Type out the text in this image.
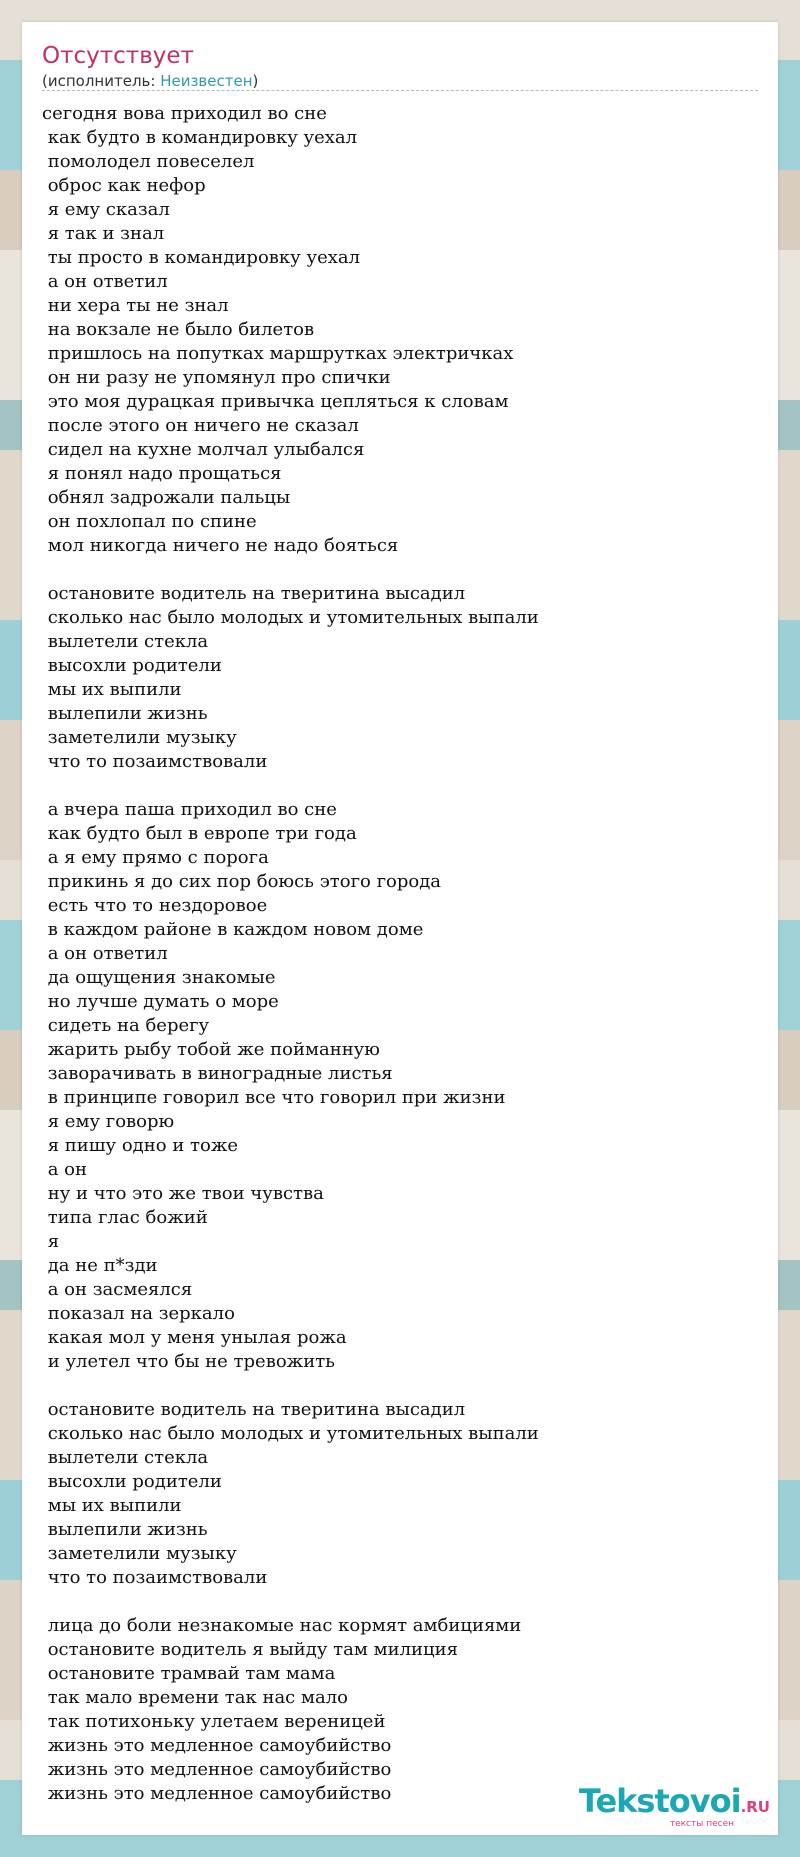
Отсутствует
(исполнитель: Неизвестен)
сегодня вова приходил во сне
как будто в командировку уехал
помолодел повеселел
оброс как нефор
я ему сказал
я так и знал
ты просто в командировку уехал
а он ответил
ни хера ты не знал
на вокзале не было билетов
пришлось на попутках маршрутках электричках
он ни разу не упомянул про спички
это моя дурацкая привычка цепляться к словам
после этого он ничего не сказал
сидел на кухне молчал улыбался
я понял надо прощаться
обнял задрожали пальцы
он похлопал по спине
мол никогда ничего не надо бояться
остановите водитель на тверитина высадил
сколько нас было молодых и утомительных выпали
вылетели стекла
высохли родители
мы их выпили
вылепили жизнь
заметелили музыку
что то позаимствовали
а вчера паша приходил во сне
как будто был в европе три года
а я ему прямо с порога
прикинь я до сих пор боюсь этого города
есть что то нездоровое
в каждом районе в каждом новом доме
а он ответил
да ощущения знакомые
но лучше думать о море
сидеть на берегу
жарить рыбу тобой же пойманную
заворачивать в виноградные листья
в принципе говорил все что говорил при жизни
я ему говорю
я пишу одно и тоже
а он
ну и что это же твои чувства
типа глас божий
я
да не п*зди
а он засмеялся
показал на зеркало
какая мол у меня унылая рожа
и улетел что бы не тревожить
остановите водитель на тверитина высадил
сколько нас было молодых и утомительных выпали
вылетели стекла
высохли родители
мы их выпили
вылепили жизнь
заметелили музыку
что то позаимствовали
лица до боли незнакомые нас кормят амбициями
остановите водитель я выйду там милиция
остановите трамвай там мама
так мало времени так нас мало
так потихоньку улетаем вереницей
жизнь это медленное самоубийство
жизнь это медленное самоубийство
жизнь это медленное самоубийство	Tekstovoi.RU
тексты песен
